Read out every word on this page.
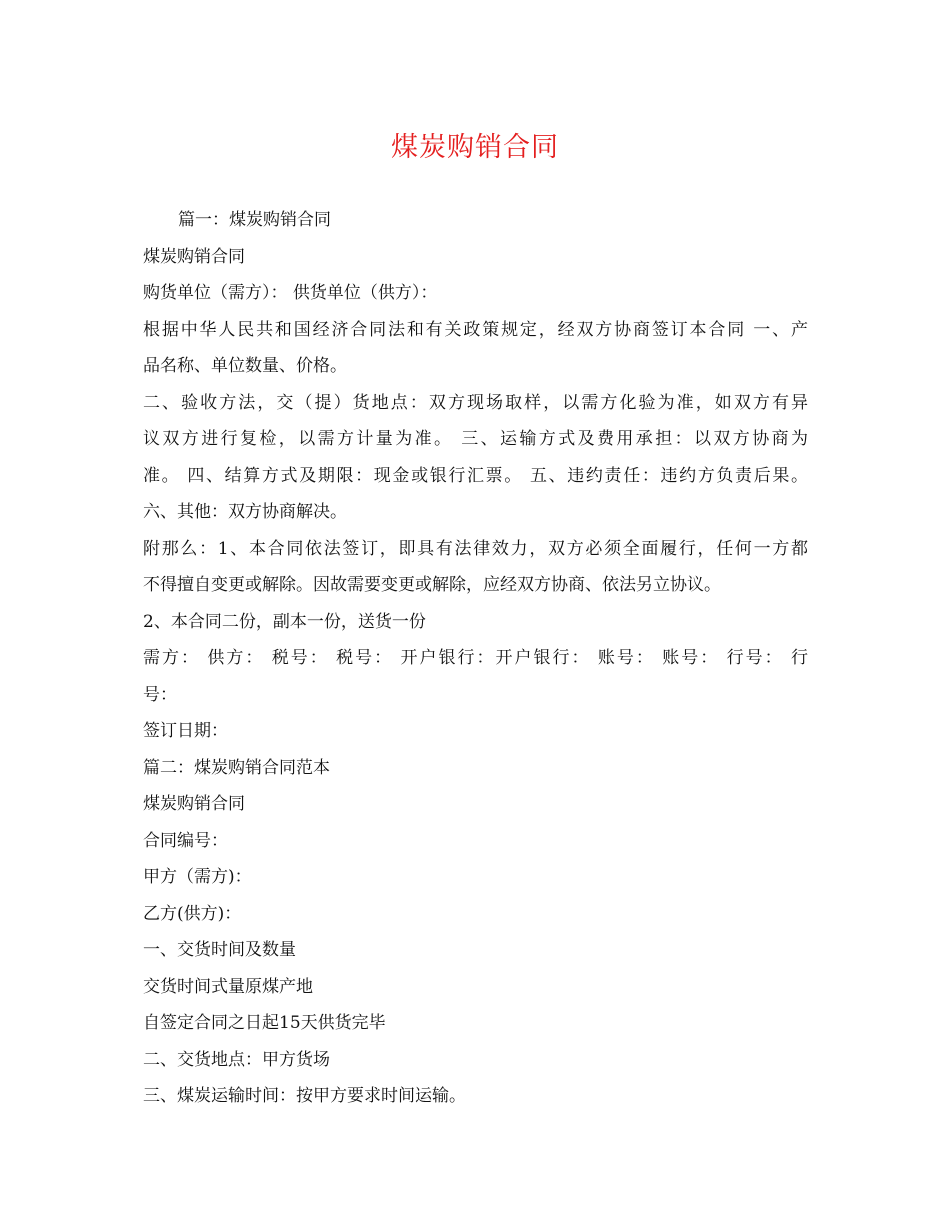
煤炭购销合同
篇一：煤炭购销合同
煤炭购销合同
购货单位（需方）： 供货单位（供方）：
根据中华人民共和国经济合同法和有关政策规定，经双方协商签订本合同 一、产
品名称、单位数量、价格。
二、验收方法，交（提）货地点：双方现场取样，以需方化验为准，如双方有异
议双方进行复检，以需方计量为准。 三、运输方式及费用承担：以双方协商为
准。 四、结算方式及期限：现金或银行汇票。 五、违约责任：违约方负责后果。
六、其他：双方协商解决。
附那么：1、本合同依法签订，即具有法律效力，双方必须全面履行，任何一方都
不得擅自变更或解除。因故需要变更或解除，应经双方协商、依法另立协议。
2、本合同二份，副本一份，送货一份
需方： 供方： 税号： 税号： 开户银行：开户银行： 账号： 账号： 行号： 行
号：
签订日期：
篇二：煤炭购销合同范本
煤炭购销合同
合同编号：
甲方（需方)：
乙方(供方)：
一、交货时间及数量
交货时间式量原煤产地
自签定合同之日起15天供货完毕
二、交货地点：甲方货场
三、煤炭运输时间：按甲方要求时间运输。
